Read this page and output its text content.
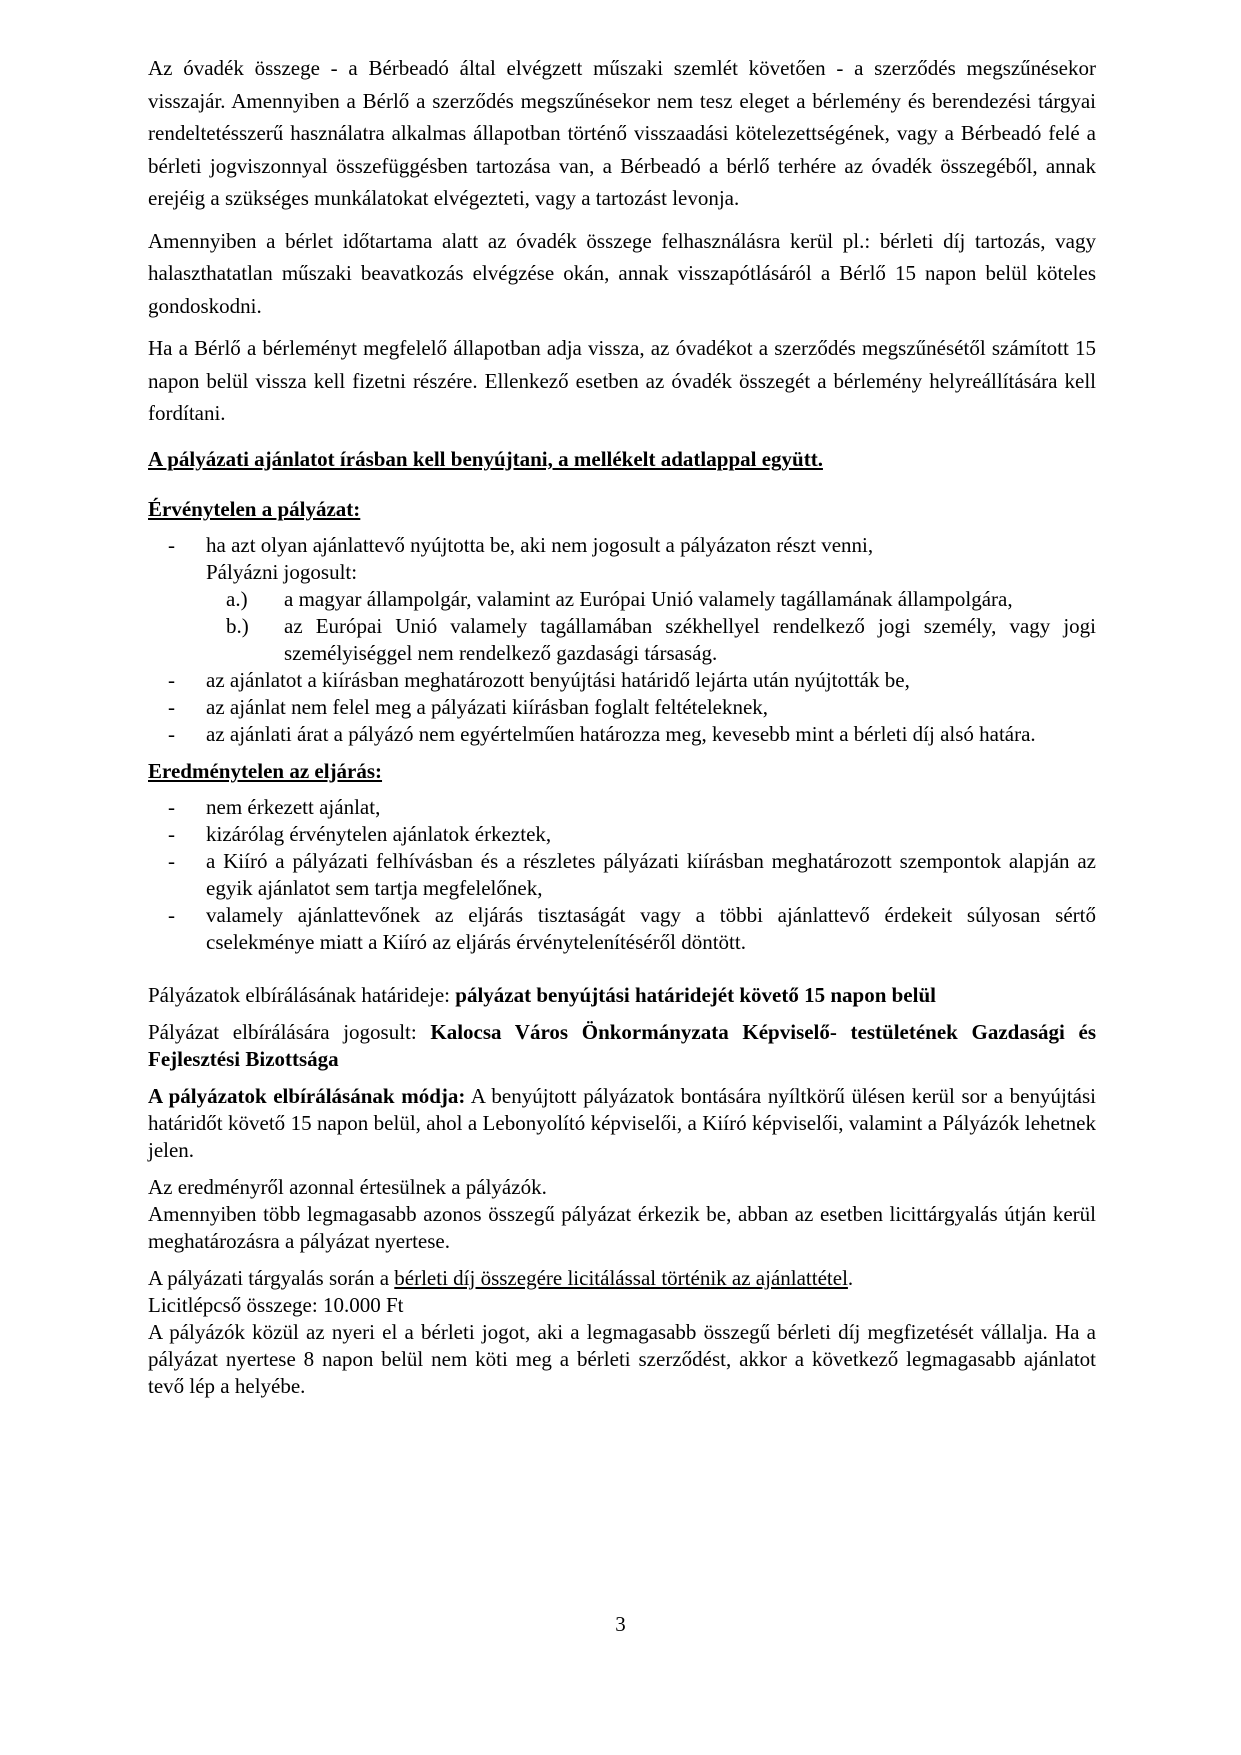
Az óvadék összege - a Bérbeadó által elvégzett műszaki szemlét követően - a szerződés megszűnésekor visszajár. Amennyiben a Bérlő a szerződés megszűnésekor nem tesz eleget a bérlemény és berendezési tárgyai rendeltetésszerű használatra alkalmas állapotban történő visszaadási kötelezettségének, vagy a Bérbeadó felé a bérleti jogviszonnyal összefüggésben tartozása van, a Bérbeadó a bérlő terhére az óvadék összegéből, annak erejéig a szükséges munkálatokat elvégezteti, vagy a tartozást levonja.

Amennyiben a bérlet időtartama alatt az óvadék összege felhasználásra kerül pl.: bérleti díj tartozás, vagy halaszthatatlan műszaki beavatkozás elvégzése okán, annak visszapótlásáról a Bérlő 15 napon belül köteles gondoskodni.

Ha a Bérlő a bérleményt megfelelő állapotban adja vissza, az óvadékot a szerződés megszűnésétől számított 15 napon belül vissza kell fizetni részére. Ellenkező esetben az óvadék összegét a bérlemény helyreállítására kell fordítani.

A pályázati ajánlatot írásban kell benyújtani, a mellékelt adatlappal együtt.

Érvénytelen a pályázat:

- ha azt olyan ajánlattevő nyújtotta be, aki nem jogosult a pályázaton részt venni,
Pályázni jogosult:
a.) a magyar állampolgár, valamint az Európai Unió valamely tagállamának állampolgára,
b.) az Európai Unió valamely tagállamában székhellyel rendelkező jogi személy, vagy jogi személyiséggel nem rendelkező gazdasági társaság.
- az ajánlatot a kiírásban meghatározott benyújtási határidő lejárta után nyújtották be,
- az ajánlat nem felel meg a pályázati kiírásban foglalt feltételeknek,
- az ajánlati árat a pályázó nem egyértelműen határozza meg, kevesebb mint a bérleti díj alsó határa.

Eredménytelen az eljárás:

- nem érkezett ajánlat,
- kizárólag érvénytelen ajánlatok érkeztek,
- a Kiíró a pályázati felhívásban és a részletes pályázati kiírásban meghatározott szempontok alapján az egyik ajánlatot sem tartja megfelelőnek,
- valamely ajánlattevőnek az eljárás tisztaságát vagy a többi ajánlattevő érdekeit súlyosan sértő cselekménye miatt a Kiíró az eljárás érvénytelenítéséről döntött.

Pályázatok elbírálásának határideje: pályázat benyújtási határidejét követő 15 napon belül

Pályázat elbírálására jogosult: Kalocsa Város Önkormányzata Képviselő- testületének Gazdasági és Fejlesztési Bizottsága

A pályázatok elbírálásának módja: A benyújtott pályázatok bontására nyíltkörű ülésen kerül sor a benyújtási határidőt követő 15 napon belül, ahol a Lebonyolító képviselői, a Kiíró képviselői, valamint a Pályázók lehetnek jelen.

Az eredményről azonnal értesülnek a pályázók.

Amennyiben több legmagasabb azonos összegű pályázat érkezik be, abban az esetben licittárgyalás útján kerül meghatározásra a pályázat nyertese.

A pályázati tárgyalás során a bérleti díj összegére licitálással történik az ajánlattétel.

Licitlépcső összege: 10.000 Ft

A pályázók közül az nyeri el a bérleti jogot, aki a legmagasabb összegű bérleti díj megfizetését vállalja. Ha a pályázat nyertese 8 napon belül nem köti meg a bérleti szerződést, akkor a következő legmagasabb ajánlatot tevő lép a helyébe.

3
